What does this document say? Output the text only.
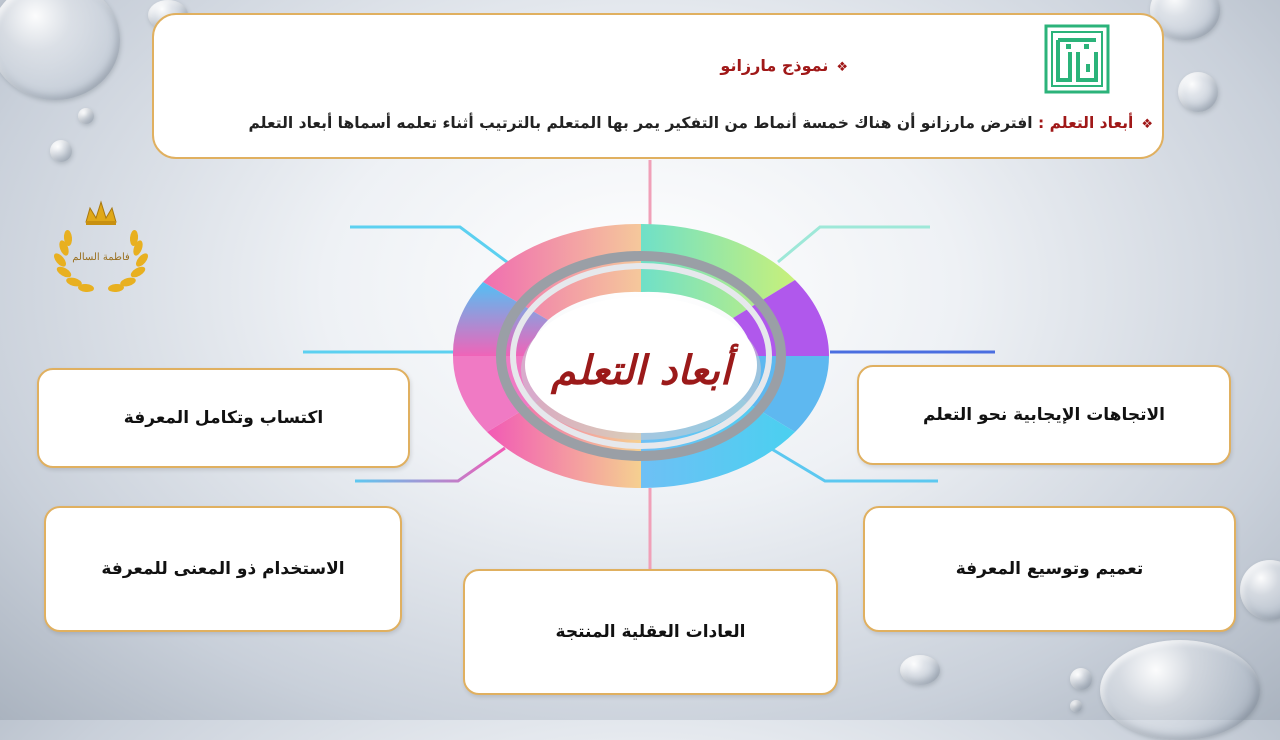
أبعاد التعلم
❖نموذج مارزانو
❖أبعاد التعلم : افترض مارزانو أن هناك خمسة أنماط من التفكير يمر بها المتعلم بالترتيب أثناء تعلمه أسماها أبعاد التعلم
فاطمة السالم
اكتساب وتكامل المعرفة	الاتجاهات الإيجابية نحو التعلم
الاستخدام ذو المعنى للمعرفة	تعميم وتوسيع المعرفة
العادات العقلية المنتجة
